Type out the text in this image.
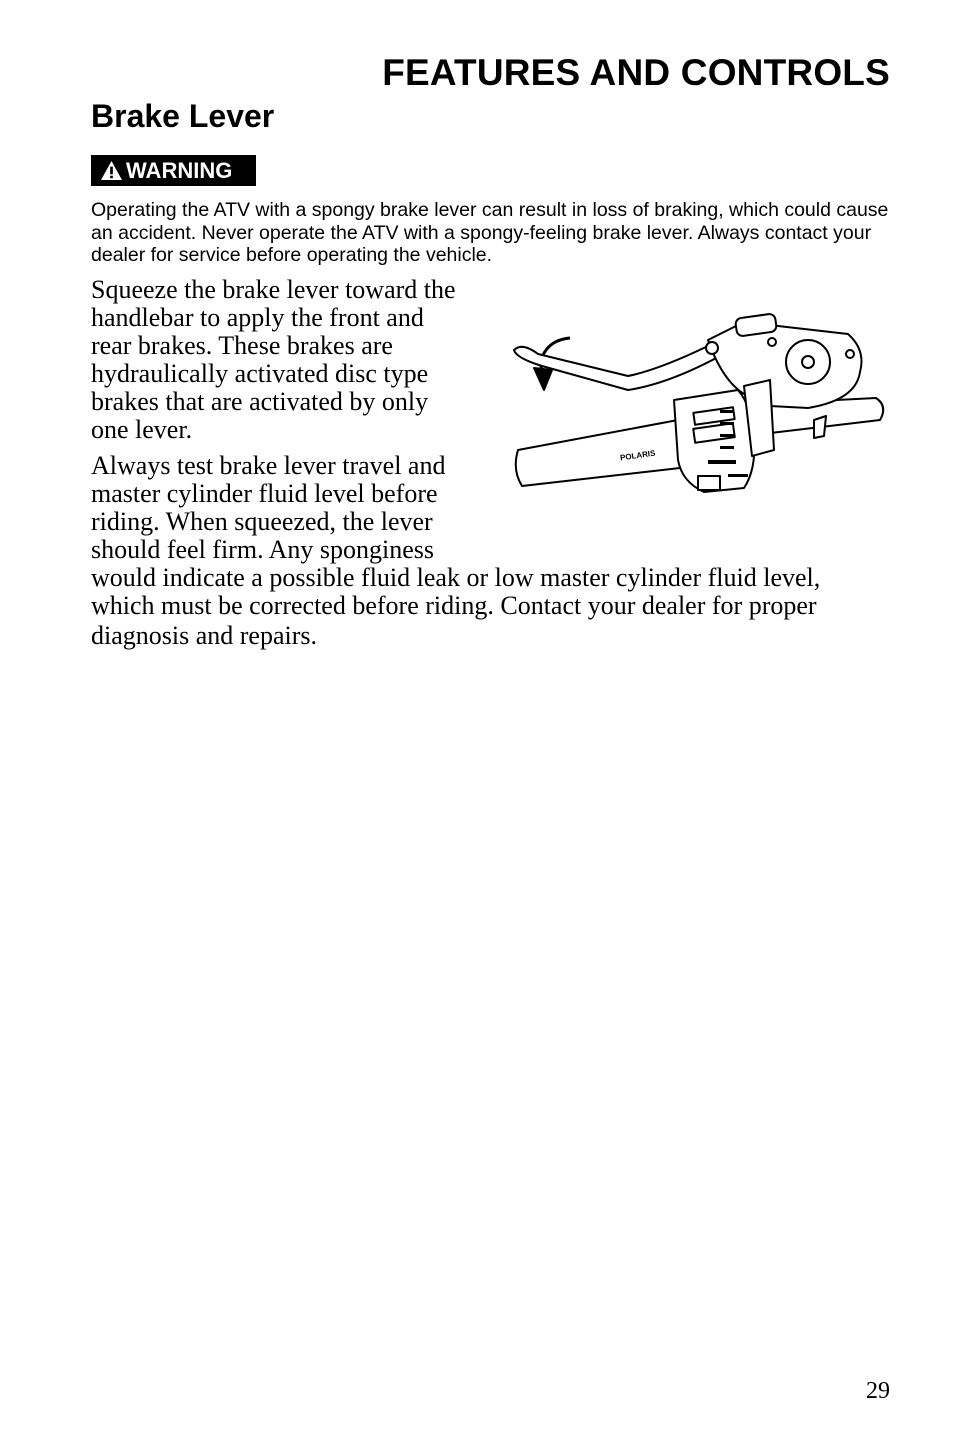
FEATURES AND CONTROLS
Brake Lever
WARNING

Operating the ATV with a spongy brake lever can result in loss of braking, which could cause an accident. Never operate the ATV with a spongy-feeling brake lever. Always contact your dealer for service before operating the vehicle.

Squeeze the brake lever toward the
handlebar to apply the front and
rear brakes. These brakes are
hydraulically activated disc type
brakes that are activated by only
one lever.
Always test brake lever travel and
master cylinder fluid level before
riding. When squeezed, the lever
should feel firm. Any sponginess
would indicate a possible fluid leak or low master cylinder fluid level,
which must be corrected before riding. Contact your dealer for proper
diagnosis and repairs.
POLARIS
29
